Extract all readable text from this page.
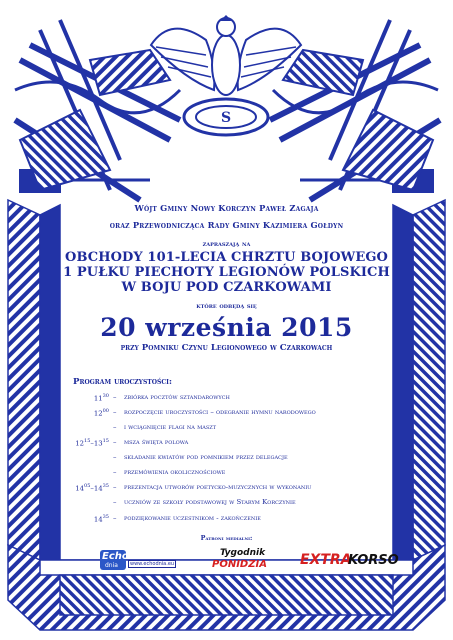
S
Wójt Gminy Nowy Korczyn Paweł Zagaja
oraz Przewodnicząca Rady Gminy Kazimiera Gołdyn
zapraszają na
OBCHODY 101-LECIA CHRZTU BOJOWEGO
1 PUŁKU PIECHOTY LEGIONÓW POLSKICH
W BOJU POD CZARKOWAMI
które odbędą się
20 września 2015
przy Pomniku Czynu Legionowego w Czarkowach
Program uroczystości:
$11^{30}$ – zbiórka pocztów sztandarowych
$12^{00}$ – rozpoczęcie uroczystości – odegranie hymnu narodowego
– i wciągnięcie flagi na maszt
$12^{15}-13^{15}$ – msza święta polowa
– składanie kwiatów pod pomnikiem przez delegacje
– przemówienia okolicznościowe
$14^{05}-14^{35}$ – prezentacja utworów poetycko-muzycznych w wykonaniu
– uczniów ze szkoły podstawowej w Starym Korczynie
$14^{35}$ – podziękowanie uczestnikom - zakończenie
Patroni medialni:
Echo
dnia	www.echodnia.eu
Tygodnik
PONIDZIA EXTRA
KORSO
